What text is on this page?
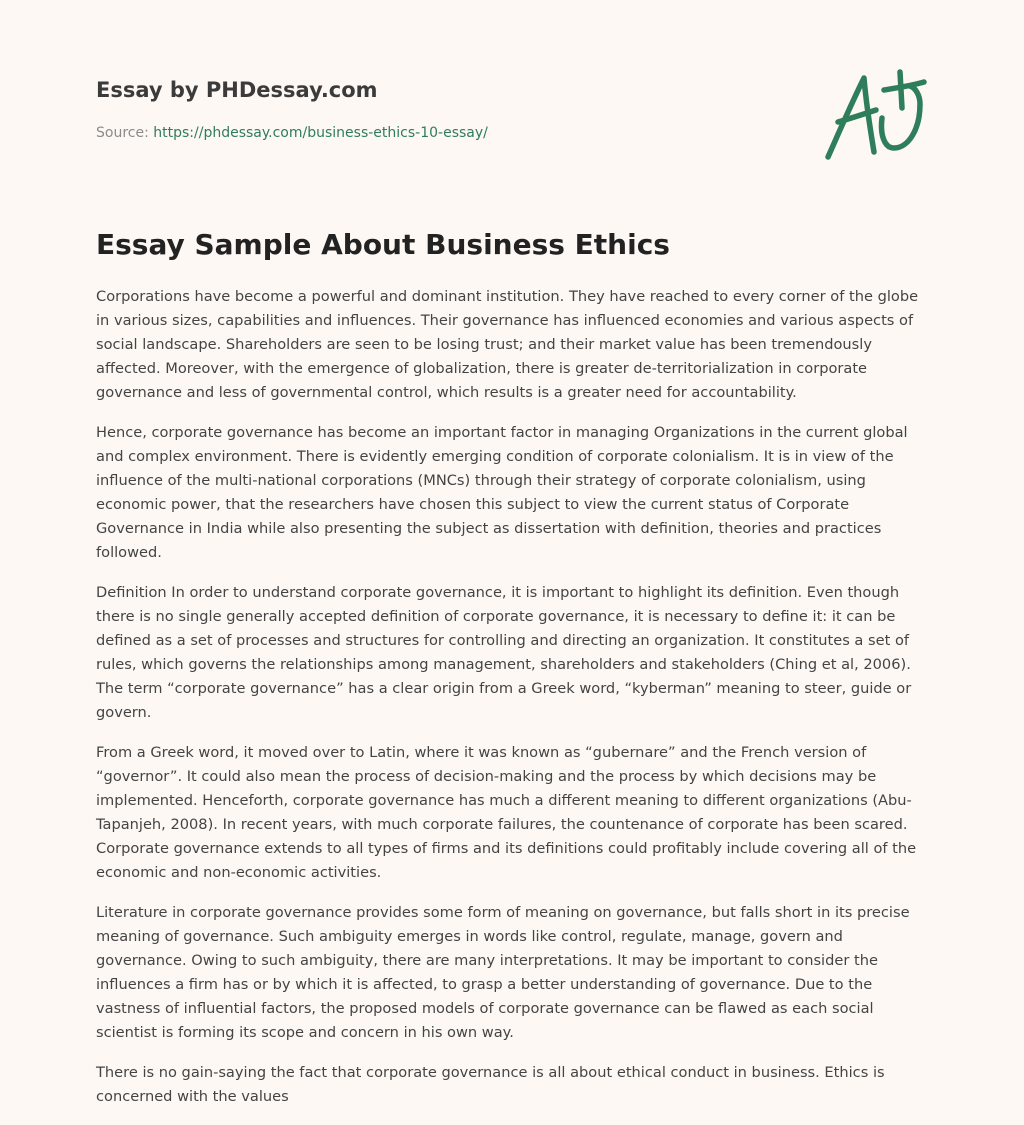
Essay by PHDessay.com
Source: https://phdessay.com/business-ethics-10-essay/
Essay Sample About Business Ethics

Corporations have become a powerful and dominant institution. They have reached to every corner of the globe in various sizes, capabilities and influences. Their governance has influenced economies and various aspects of social landscape. Shareholders are seen to be losing trust; and their market value has been tremendously affected. Moreover, with the emergence of globalization, there is greater de-territorialization in corporate governance and less of governmental control, which results is a greater need for accountability.

Hence, corporate governance has become an important factor in managing Organizations in the current global and complex environment. There is evidently emerging condition of corporate colonialism. It is in view of the influence of the multi-national corporations (MNCs) through their strategy of corporate colonialism, using economic power, that the researchers have chosen this subject to view the current status of Corporate Governance in India while also presenting the subject as dissertation with definition, theories and practices followed.

Definition In order to understand corporate governance, it is important to highlight its definition. Even though there is no single generally accepted definition of corporate governance, it is necessary to define it: it can be defined as a set of processes and structures for controlling and directing an organization. It constitutes a set of rules, which governs the relationships among management, shareholders and stakeholders (Ching et al, 2006). The term “corporate governance” has a clear origin from a Greek word, “kyberman” meaning to steer, guide or govern.

From a Greek word, it moved over to Latin, where it was known as “gubernare” and the French version of “governor”. It could also mean the process of decision-making and the process by which decisions may be implemented. Henceforth, corporate governance has much a different meaning to different organizations (Abu-Tapanjeh, 2008). In recent years, with much corporate failures, the countenance of corporate has been scared. Corporate governance extends to all types of firms and its definitions could profitably include covering all of the economic and non-economic activities.

Literature in corporate governance provides some form of meaning on governance, but falls short in its precise meaning of governance. Such ambiguity emerges in words like control, regulate, manage, govern and governance. Owing to such ambiguity, there are many interpretations. It may be important to consider the influences a firm has or by which it is affected, to grasp a better understanding of governance. Due to the vastness of influential factors, the proposed models of corporate governance can be flawed as each social scientist is forming its scope and concern in his own way.

There is no gain-saying the fact that corporate governance is all about ethical conduct in business. Ethics is concerned with the values
